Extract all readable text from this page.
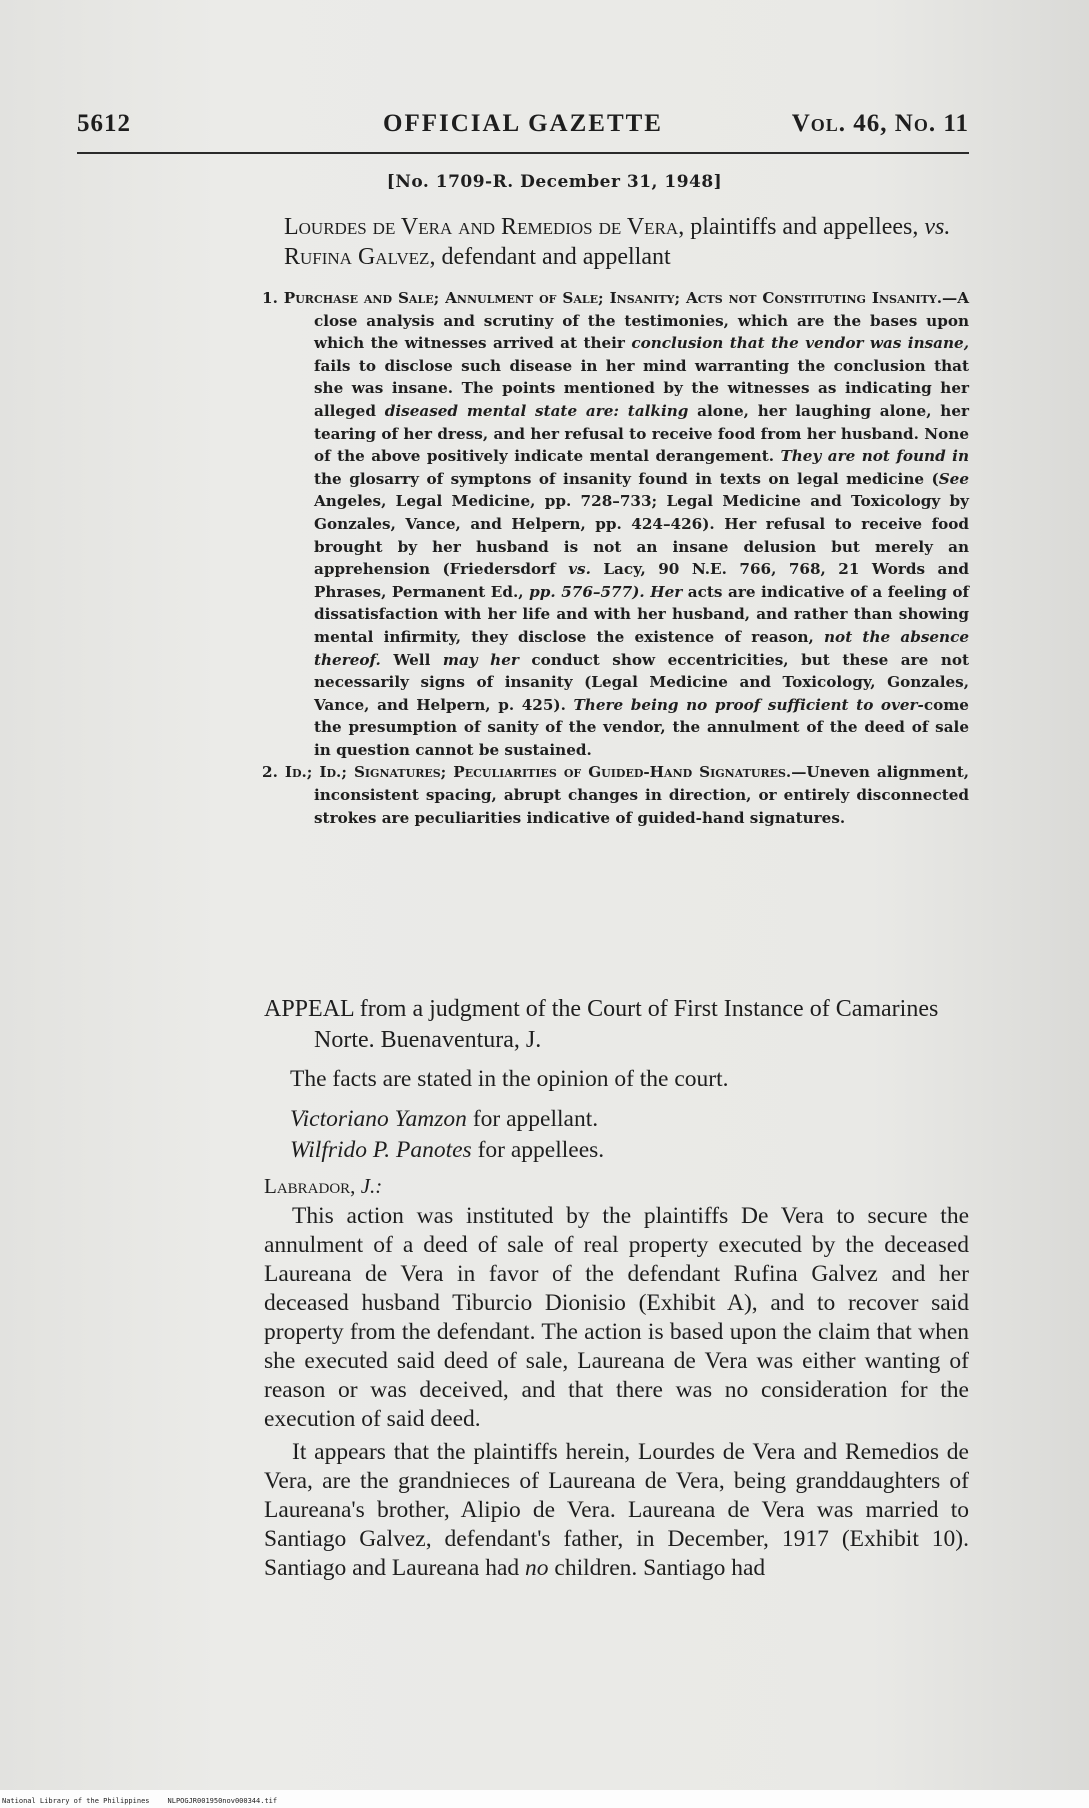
5612	OFFICIAL GAZETTE	Vol. 46, No. 11
[No. 1709-R. December 31, 1948]
Lourdes de Vera and Remedios de Vera, plaintiffs and appellees, vs. Rufina Galvez, defendant and appellant
1. Purchase and Sale; Annulment of Sale; Insanity; Acts not Constituting Insanity.—A close analysis and scrutiny of the testimonies, which are the bases upon which the witnesses arrived at their conclusion that the vendor was insane, fails to disclose such disease in her mind warranting the conclusion that she was insane. The points mentioned by the witnesses as indicating her alleged diseased mental state are: talking alone, her laughing alone, her tearing of her dress, and her refusal to receive food from her husband. None of the above positively indicate mental derangement. They are not found in the glosarry of symptons of insanity found in texts on legal medicine (See Angeles, Legal Medicine, pp. 728–733; Legal Medicine and Toxicology by Gonzales, Vance, and Helpern, pp. 424–426). Her refusal to receive food brought by her husband is not an insane delusion but merely an apprehension (Friedersdorf vs. Lacy, 90 N.E. 766, 768, 21 Words and Phrases, Permanent Ed., pp. 576–577). Her acts are indicative of a feeling of dissatisfaction with her life and with her husband, and rather than showing mental infirmity, they disclose the existence of reason, not the absence thereof. Well may her conduct show eccentricities, but these are not necessarily signs of insanity (Legal Medicine and Toxicology, Gonzales, Vance, and Helpern, p. 425). There being no proof sufficient to over-come the presumption of sanity of the vendor, the annulment of the deed of sale in question cannot be sustained.
2. Id.; Id.; Signatures; Peculiarities of Guided-Hand Signatures.—Uneven alignment, inconsistent spacing, abrupt changes in direction, or entirely disconnected strokes are peculiarities indicative of guided-hand signatures.
APPEAL from a judgment of the Court of First Instance of Camarines Norte. Buenaventura, J.
The facts are stated in the opinion of the court.
Victoriano Yamzon for appellant.
Wilfrido P. Panotes for appellees.
Labrador, J.:

This action was instituted by the plaintiffs De Vera to secure the annulment of a deed of sale of real property executed by the deceased Laureana de Vera in favor of the defendant Rufina Galvez and her deceased husband Tiburcio Dionisio (Exhibit A), and to recover said property from the defendant. The action is based upon the claim that when she executed said deed of sale, Laureana de Vera was either wanting of reason or was deceived, and that there was no consideration for the execution of said deed.

It appears that the plaintiffs herein, Lourdes de Vera and Remedios de Vera, are the grandnieces of Laureana de Vera, being granddaughters of Laureana's brother, Alipio de Vera. Laureana de Vera was married to Santiago Galvez, defendant's father, in December, 1917 (Exhibit 10). Santiago and Laureana had no children. Santiago had

National Library of the Philippines	NLPOGJR001950nov000344.tif
